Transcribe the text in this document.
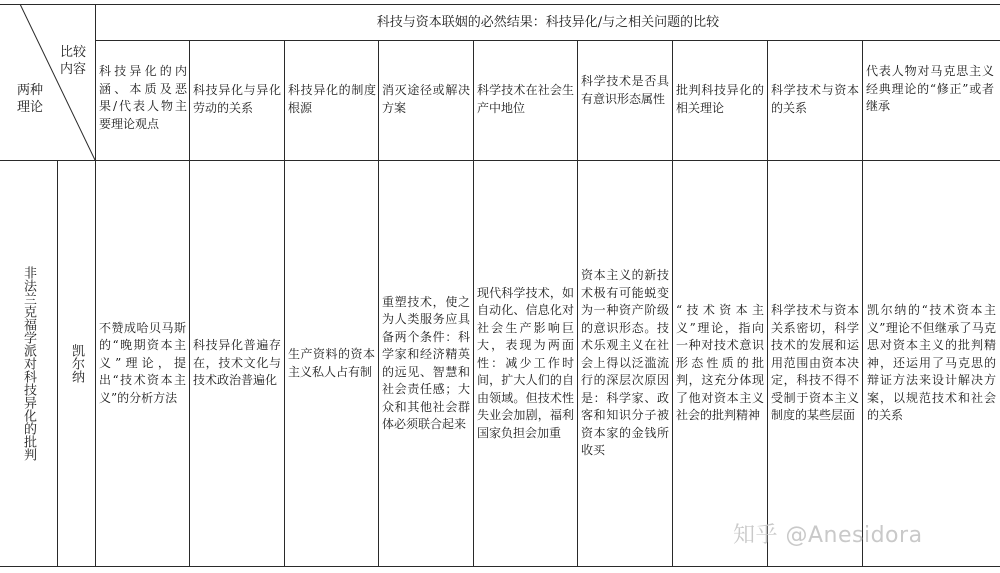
科技与资本联姻的必然结果：科技异化/与之相关问题的比较
比较
内容
两种
理论
科技异化的内涵、本质及恶果/代表人物主要理论观点
科技异化与异化劳动的关系
科技异化的制度根源
消灭途径或解决方案
科学技术在社会生产中地位
科学技术是否具有意识形态属性
批判科技异化的相关理论
科学技术与资本的关系
代表人物对马克思主义经典理论的“修正”或者继承
非法兰克福学派对科技异化的批判	凯尔纳
不赞成哈贝马斯的“晚期资本主义”理论，提出“技术资本主义”的分析方法
科技异化普遍存在，技术文化与技术政治普遍化
生产资料的资本主义私人占有制
重塑技术，使之为人类服务应具备两个条件：科学家和经济精英的远见、智慧和社会责任感；大众和其他社会群体必须联合起来
现代科学技术，如自动化、信息化对社会生产影响巨大，表现为两面性：减少工作时间，扩大人们的自由领域。但技术性失业会加剧，福利国家负担会加重
资本主义的新技术极有可能蜕变为一种资产阶级的意识形态。技术乐观主义在社会上得以泛滥流行的深层次原因是：科学家、政客和知识分子被资本家的金钱所收买
“技术资本主义”理论，指向一种对技术意识形态性质的批判，这充分体现了他对资本主义社会的批判精神
科学技术与资本关系密切，科学技术的发展和运用范围由资本决定，科技不得不受制于资本主义制度的某些层面
凯尔纳的“技术资本主义”理论不但继承了马克思对资本主义的批判精神，还运用了马克思的辩证方法来设计解决方案，以规范技术和社会的关系
知乎 @Anesidora
